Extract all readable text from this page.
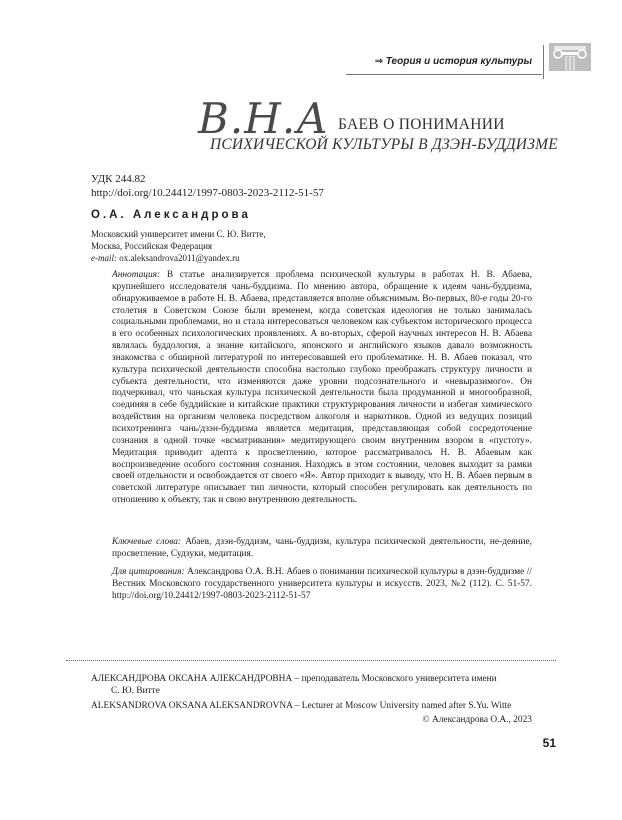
⇒ Теория и история культуры
В.Н.А БАЕВ О ПОНИМАНИИ
ПСИХИЧЕСКОЙ КУЛЬТУРЫ В ДЗЭН-БУДДИЗМЕ
УДК 244.82
http://doi.org/10.24412/1997-0803-2023-2112-51-57
О.А. Александрова
Московский университет имени С. Ю. Витте,
Москва, Российская Федерация
e-mail: ox.aleksandrova2011@yandex.ru
Аннотация: В статье анализируется проблема психической культуры в работах Н. В. Абаева, крупнейшего исследователя чань-буддизма. По мнению автора, обращение к идеям чань-буддизма, обнаруживаемое в работе Н. В. Абаева, представляется вполне объяснимым. Во-первых, 80-е годы 20-го столетия в Советском Союзе были временем, когда советская идеология не только занималась социальными проблемами, но и стала интересоваться человеком как субъектом исторического процесса в его особенных психологических проявлениях. А во-вторых, сферой научных интересов Н. В. Абаева являлась буддология, а знание китайского, японского и английского языков давало возможность знакомства с обширной литературой по интересовавшей его проблематике. Н. В. Абаев показал, что культура психической деятельности способна настолько глубоко преображать структуру личности и субъекта деятельности, что изменяются даже уровни подсознательного и «невыразимого». Он подчеркивал, что чаньская культура психической деятельности была продуманной и многообразной, соединяя в себе буддийские и китайские практики структурирования личности и избегая химического воздействия на организм человека посредством алкоголя и наркотиков. Одной из ведущих позиций психотренинга чань/дзэн-буддизма является медитация, представляющая собой сосредоточение сознания в одной точке «всматривания» медитирующего своим внутренним взором в «пустоту». Медитация приводит адепта к просветлению, которое рассматривалось Н. В. Абаевым как воспроизведение особого состояния сознания. Находясь в этом состоянии, человек выходит за рамки своей отдельности и освобождается от своего «Я». Автор приходит к выводу, что Н. В. Абаев первым в советской литературе описывает тип личности, который способен регулировать как деятельность по отношению к объекту, так и свою внутреннюю деятельность.
Ключевые слова: Абаев, дзэн-буддизм, чань-буддизм, культура психической деятельности, не-деяние, просветление, Судзуки, медитация.
Для цитирования: Александрова О.А. В.Н. Абаев о понимании психической культуры в дзэн-буддизме // Вестник Московского государственного университета культуры и искусств. 2023, №2 (112). С. 51-57. http://doi.org/10.24412/1997-0803-2023-2112-51-57
АЛЕКСАНДРОВА ОКСАНА АЛЕКСАНДРОВНА – преподаватель Московского университета имени
С. Ю. Витте
ALEKSANDROVA OKSANA ALEKSANDROVNA – Lecturer at Moscow University named after S.Yu. Witte
© Александрова О.А., 2023
51
